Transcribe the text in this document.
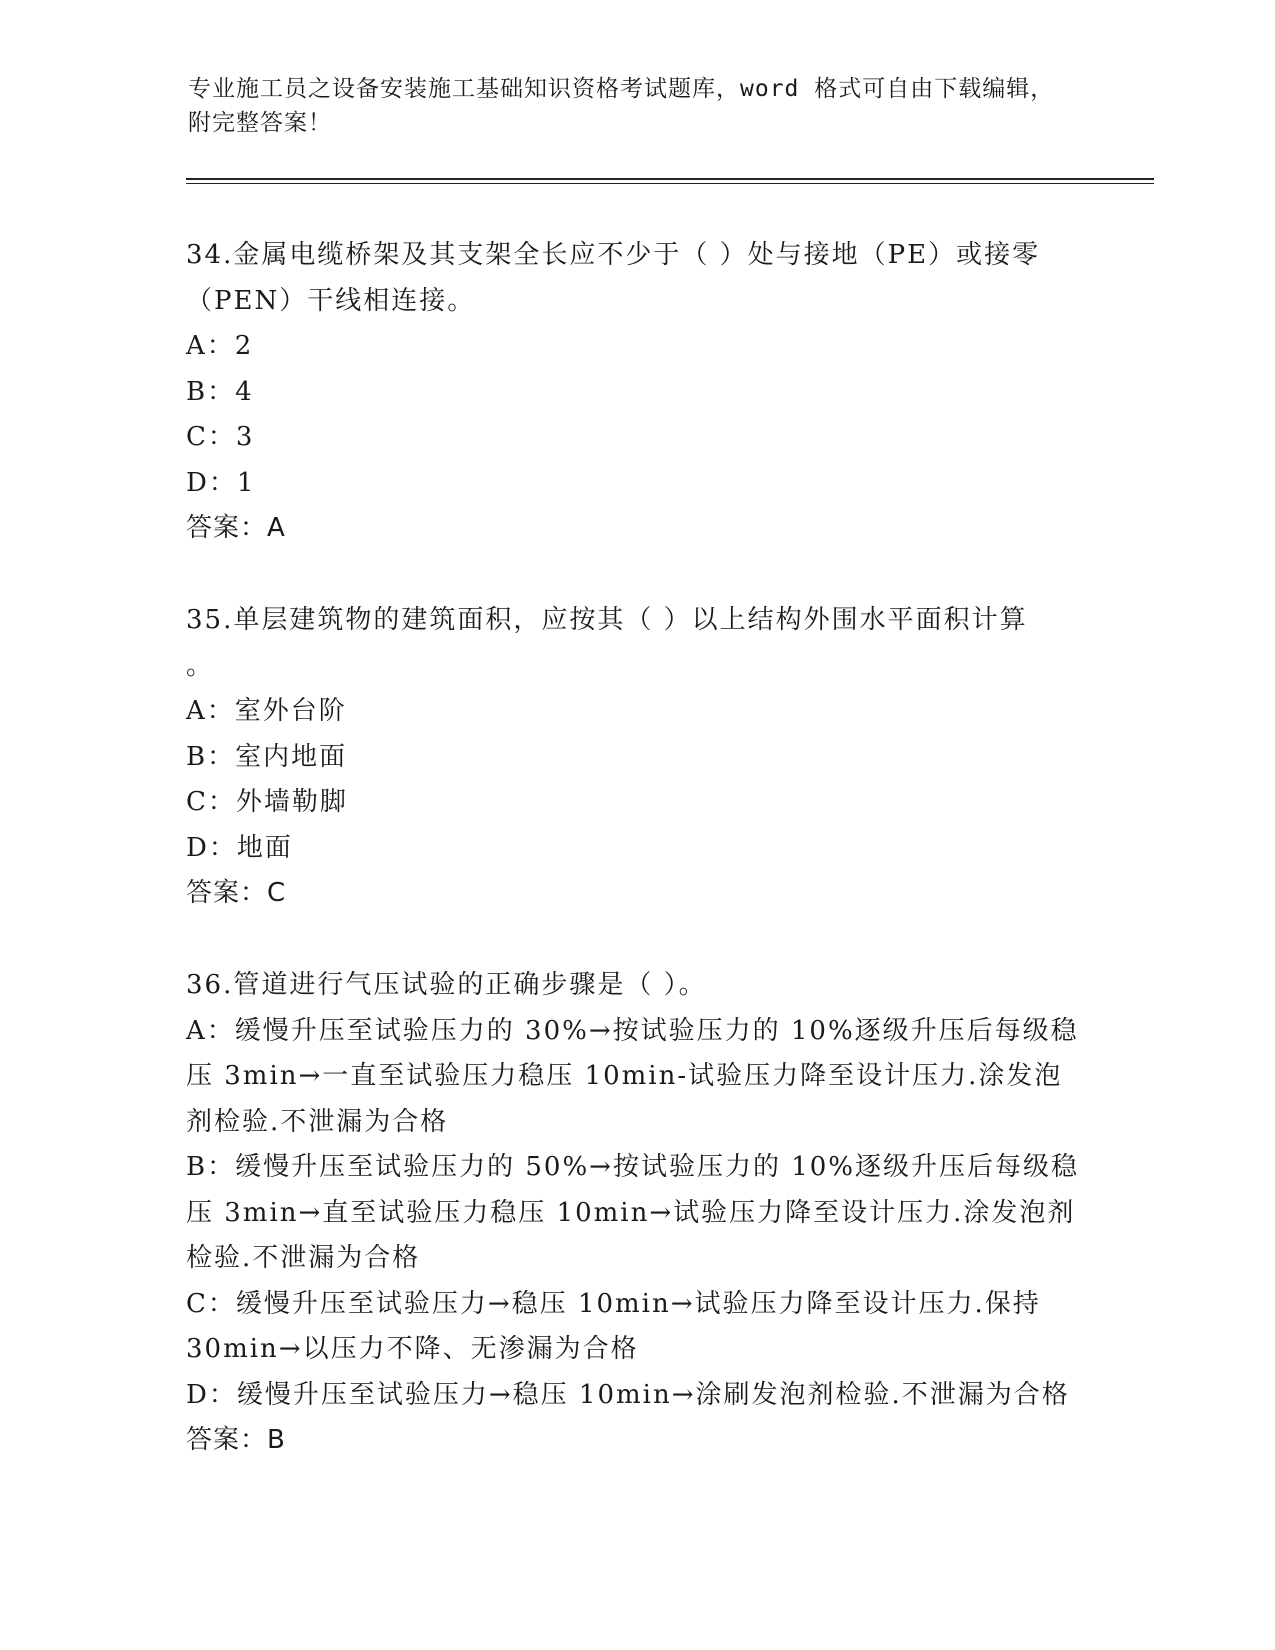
专业施工员之设备安装施工基础知识资格考试题库，word 格式可自由下载编辑，
附完整答案！

34.金属电缆桥架及其支架全长应不少于（ ）处与接地（PE）或接零

（PEN）干线相连接。

A：2

B：4

C：3

D：1

答案：A

35.单层建筑物的建筑面积，应按其（ ）以上结构外围水平面积计算

。

A：室外台阶

B：室内地面

C：外墙勒脚

D：地面

答案：C

36.管道进行气压试验的正确步骤是（ ）。

A：缓慢升压至试验压力的 30%→按试验压力的 10%逐级升压后每级稳

压 3min→一直至试验压力稳压 10min-试验压力降至设计压力.涂发泡

剂检验.不泄漏为合格

B：缓慢升压至试验压力的 50%→按试验压力的 10%逐级升压后每级稳

压 3min→直至试验压力稳压 10min→试验压力降至设计压力.涂发泡剂

检验.不泄漏为合格

C：缓慢升压至试验压力→稳压 10min→试验压力降至设计压力.保持

30min→以压力不降、无渗漏为合格

D：缓慢升压至试验压力→稳压 10min→涂刷发泡剂检验.不泄漏为合格

答案：B
